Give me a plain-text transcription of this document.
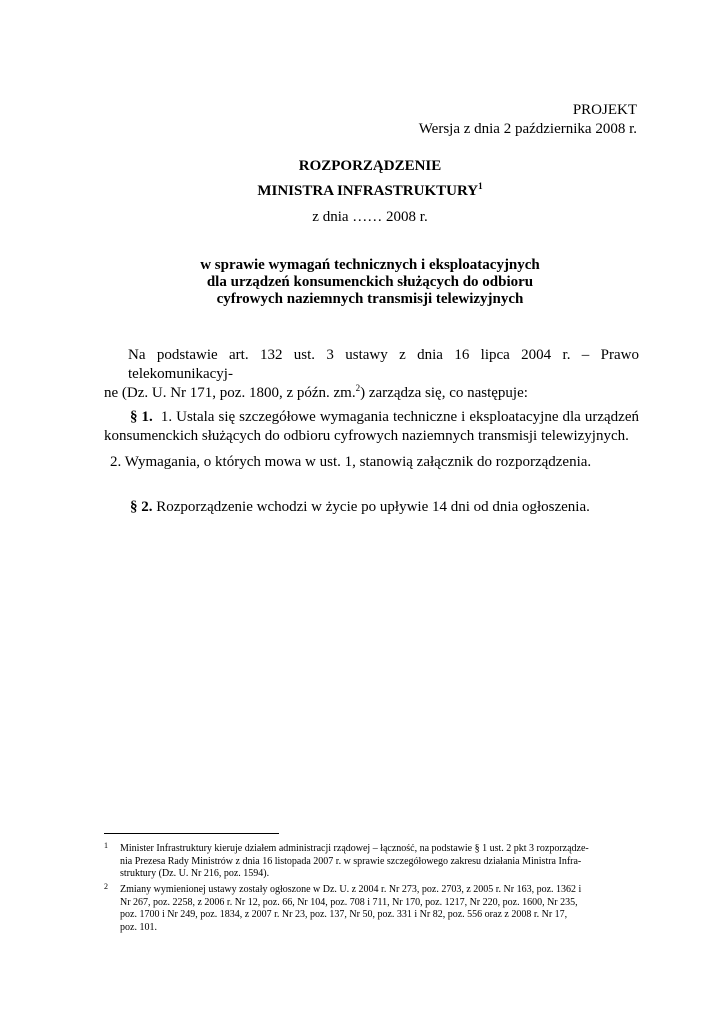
PROJEKT
Wersja z dnia 2 października 2008 r.
ROZPORZĄDZENIE
MINISTRA INFRASTRUKTURY$^1$
z dnia …… 2008 r.
w sprawie wymagań technicznych i eksploatacyjnych
dla urządzeń konsumenckich służących do odbioru
cyfrowych naziemnych transmisji telewizyjnych
Na podstawie art. 132 ust. 3 ustawy z dnia 16 lipca 2004 r. – Prawo telekomunikacyj-
ne (Dz. U. Nr 171, poz. 1800, z późn. zm.$^2$) zarządza się, co następuje:
§ 1. 1. Ustala się szczegółowe wymagania techniczne i eksploatacyjne dla urządzeń
konsumenckich służących do odbioru cyfrowych naziemnych transmisji telewizyjnych.
2. Wymagania, o których mowa w ust. 1, stanowią załącznik do rozporządzenia.
§ 2. Rozporządzenie wchodzi w życie po upływie 14 dni od dnia ogłoszenia.
1 Minister Infrastruktury kieruje działem administracji rządowej – łączność, na podstawie § 1 ust. 2 pkt 3 rozporządze-
nia Prezesa Rady Ministrów z dnia 16 listopada 2007 r. w sprawie szczegółowego zakresu działania Ministra Infra-
struktury (Dz. U. Nr 216, poz. 1594).
2 Zmiany wymienionej ustawy zostały ogłoszone w Dz. U. z 2004 r. Nr 273, poz. 2703, z 2005 r. Nr 163, poz. 1362 i
Nr 267, poz. 2258, z 2006 r. Nr 12, poz. 66, Nr 104, poz. 708 i 711, Nr 170, poz. 1217, Nr 220, poz. 1600, Nr 235,
poz. 1700 i Nr 249, poz. 1834, z 2007 r. Nr 23, poz. 137, Nr 50, poz. 331 i Nr 82, poz. 556 oraz z 2008 r. Nr 17,
poz. 101.
